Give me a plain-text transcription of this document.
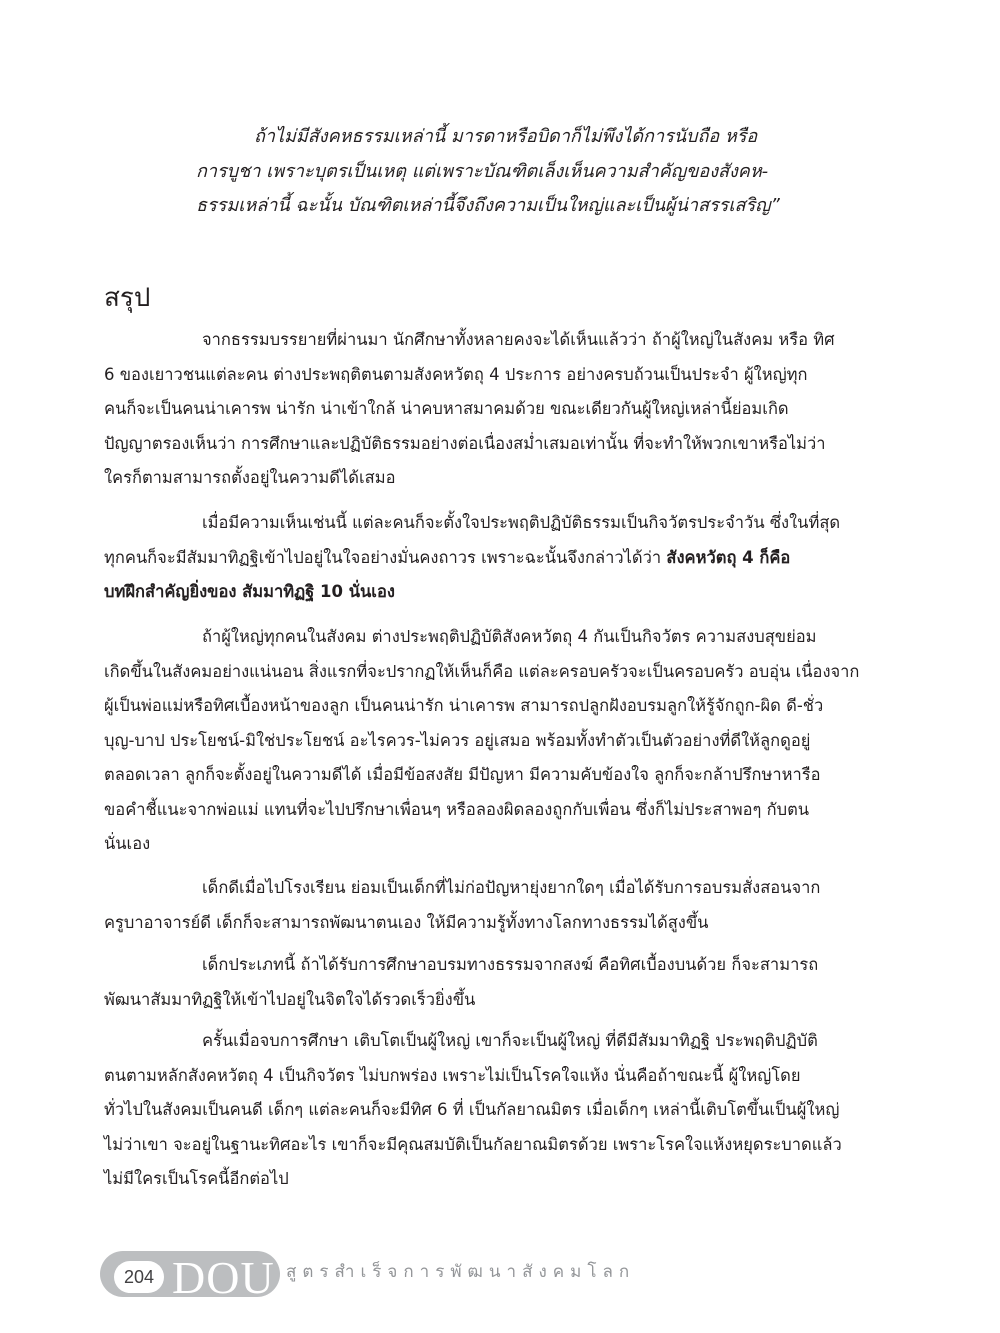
ถ้าไม่มีสังคหธรรมเหล่านี้ มารดาหรือบิดาก็ไม่พึงได้การนับถือ หรือ
การบูชา เพราะบุตรเป็นเหตุ แต่เพราะบัณฑิตเล็งเห็นความสำคัญของสังคห-
ธรรมเหล่านี้ ฉะนั้น บัณฑิตเหล่านี้จึงถึงความเป็นใหญ่และเป็นผู้น่าสรรเสริญ”
สรุป
จากธรรมบรรยายที่ผ่านมา นักศึกษาทั้งหลายคงจะได้เห็นแล้วว่า ถ้าผู้ใหญ่ในสังคม หรือ ทิศ
6 ของเยาวชนแต่ละคน ต่างประพฤติตนตามสังคหวัตถุ 4 ประการ อย่างครบถ้วนเป็นประจำ ผู้ใหญ่ทุก
คนก็จะเป็นคนน่าเคารพ น่ารัก น่าเข้าใกล้ น่าคบหาสมาคมด้วย ขณะเดียวกันผู้ใหญ่เหล่านี้ย่อมเกิด
ปัญญาตรองเห็นว่า การศึกษาและปฏิบัติธรรมอย่างต่อเนื่องสม่ำเสมอเท่านั้น ที่จะทำให้พวกเขาหรือไม่ว่า
ใครก็ตามสามารถตั้งอยู่ในความดีได้เสมอ
เมื่อมีความเห็นเช่นนี้ แต่ละคนก็จะตั้งใจประพฤติปฏิบัติธรรมเป็นกิจวัตรประจำวัน ซึ่งในที่สุด
ทุกคนก็จะมีสัมมาทิฏฐิเข้าไปอยู่ในใจอย่างมั่นคงถาวร เพราะฉะนั้นจึงกล่าวได้ว่า สังคหวัตถุ 4 ก็คือ
บทฝึกสำคัญยิ่งของ สัมมาทิฏฐิ 10 นั่นเอง
ถ้าผู้ใหญ่ทุกคนในสังคม ต่างประพฤติปฏิบัติสังคหวัตถุ 4 กันเป็นกิจวัตร ความสงบสุขย่อม
เกิดขึ้นในสังคมอย่างแน่นอน สิ่งแรกที่จะปรากฏให้เห็นก็คือ แต่ละครอบครัวจะเป็นครอบครัว อบอุ่น เนื่องจาก
ผู้เป็นพ่อแม่หรือทิศเบื้องหน้าของลูก เป็นคนน่ารัก น่าเคารพ สามารถปลูกฝังอบรมลูกให้รู้จักถูก-ผิด ดี-ชั่ว
บุญ-บาป ประโยชน์-มิใช่ประโยชน์ อะไรควร-ไม่ควร อยู่เสมอ พร้อมทั้งทำตัวเป็นตัวอย่างที่ดีให้ลูกดูอยู่
ตลอดเวลา ลูกก็จะตั้งอยู่ในความดีได้ เมื่อมีข้อสงสัย มีปัญหา มีความคับข้องใจ ลูกก็จะกล้าปรึกษาหารือ
ขอคำชี้แนะจากพ่อแม่ แทนที่จะไปปรึกษาเพื่อนๆ หรือลองผิดลองถูกกับเพื่อน ซึ่งก็ไม่ประสาพอๆ กับตน
นั่นเอง
เด็กดีเมื่อไปโรงเรียน ย่อมเป็นเด็กที่ไม่ก่อปัญหายุ่งยากใดๆ เมื่อได้รับการอบรมสั่งสอนจาก
ครูบาอาจารย์ดี เด็กก็จะสามารถพัฒนาตนเอง ให้มีความรู้ทั้งทางโลกทางธรรมได้สูงขึ้น
เด็กประเภทนี้ ถ้าได้รับการศึกษาอบรมทางธรรมจากสงฆ์ คือทิศเบื้องบนด้วย ก็จะสามารถ
พัฒนาสัมมาทิฏฐิให้เข้าไปอยู่ในจิตใจได้รวดเร็วยิ่งขึ้น
ครั้นเมื่อจบการศึกษา เติบโตเป็นผู้ใหญ่ เขาก็จะเป็นผู้ใหญ่ ที่ดีมีสัมมาทิฏฐิ ประพฤติปฏิบัติ
ตนตามหลักสังคหวัตถุ 4 เป็นกิจวัตร ไม่บกพร่อง เพราะไม่เป็นโรคใจแห้ง นั่นคือถ้าขณะนี้ ผู้ใหญ่โดย
ทั่วไปในสังคมเป็นคนดี เด็กๆ แต่ละคนก็จะมีทิศ 6 ที่ เป็นกัลยาณมิตร เมื่อเด็กๆ เหล่านี้เติบโตขึ้นเป็นผู้ใหญ่
ไม่ว่าเขา จะอยู่ในฐานะทิศอะไร เขาก็จะมีคุณสมบัติเป็นกัลยาณมิตรด้วย เพราะโรคใจแห้งหยุดระบาดแล้ว
ไม่มีใครเป็นโรคนี้อีกต่อไป
204 DOU สูตรสำเร็จการพัฒนาสังคมโลก
